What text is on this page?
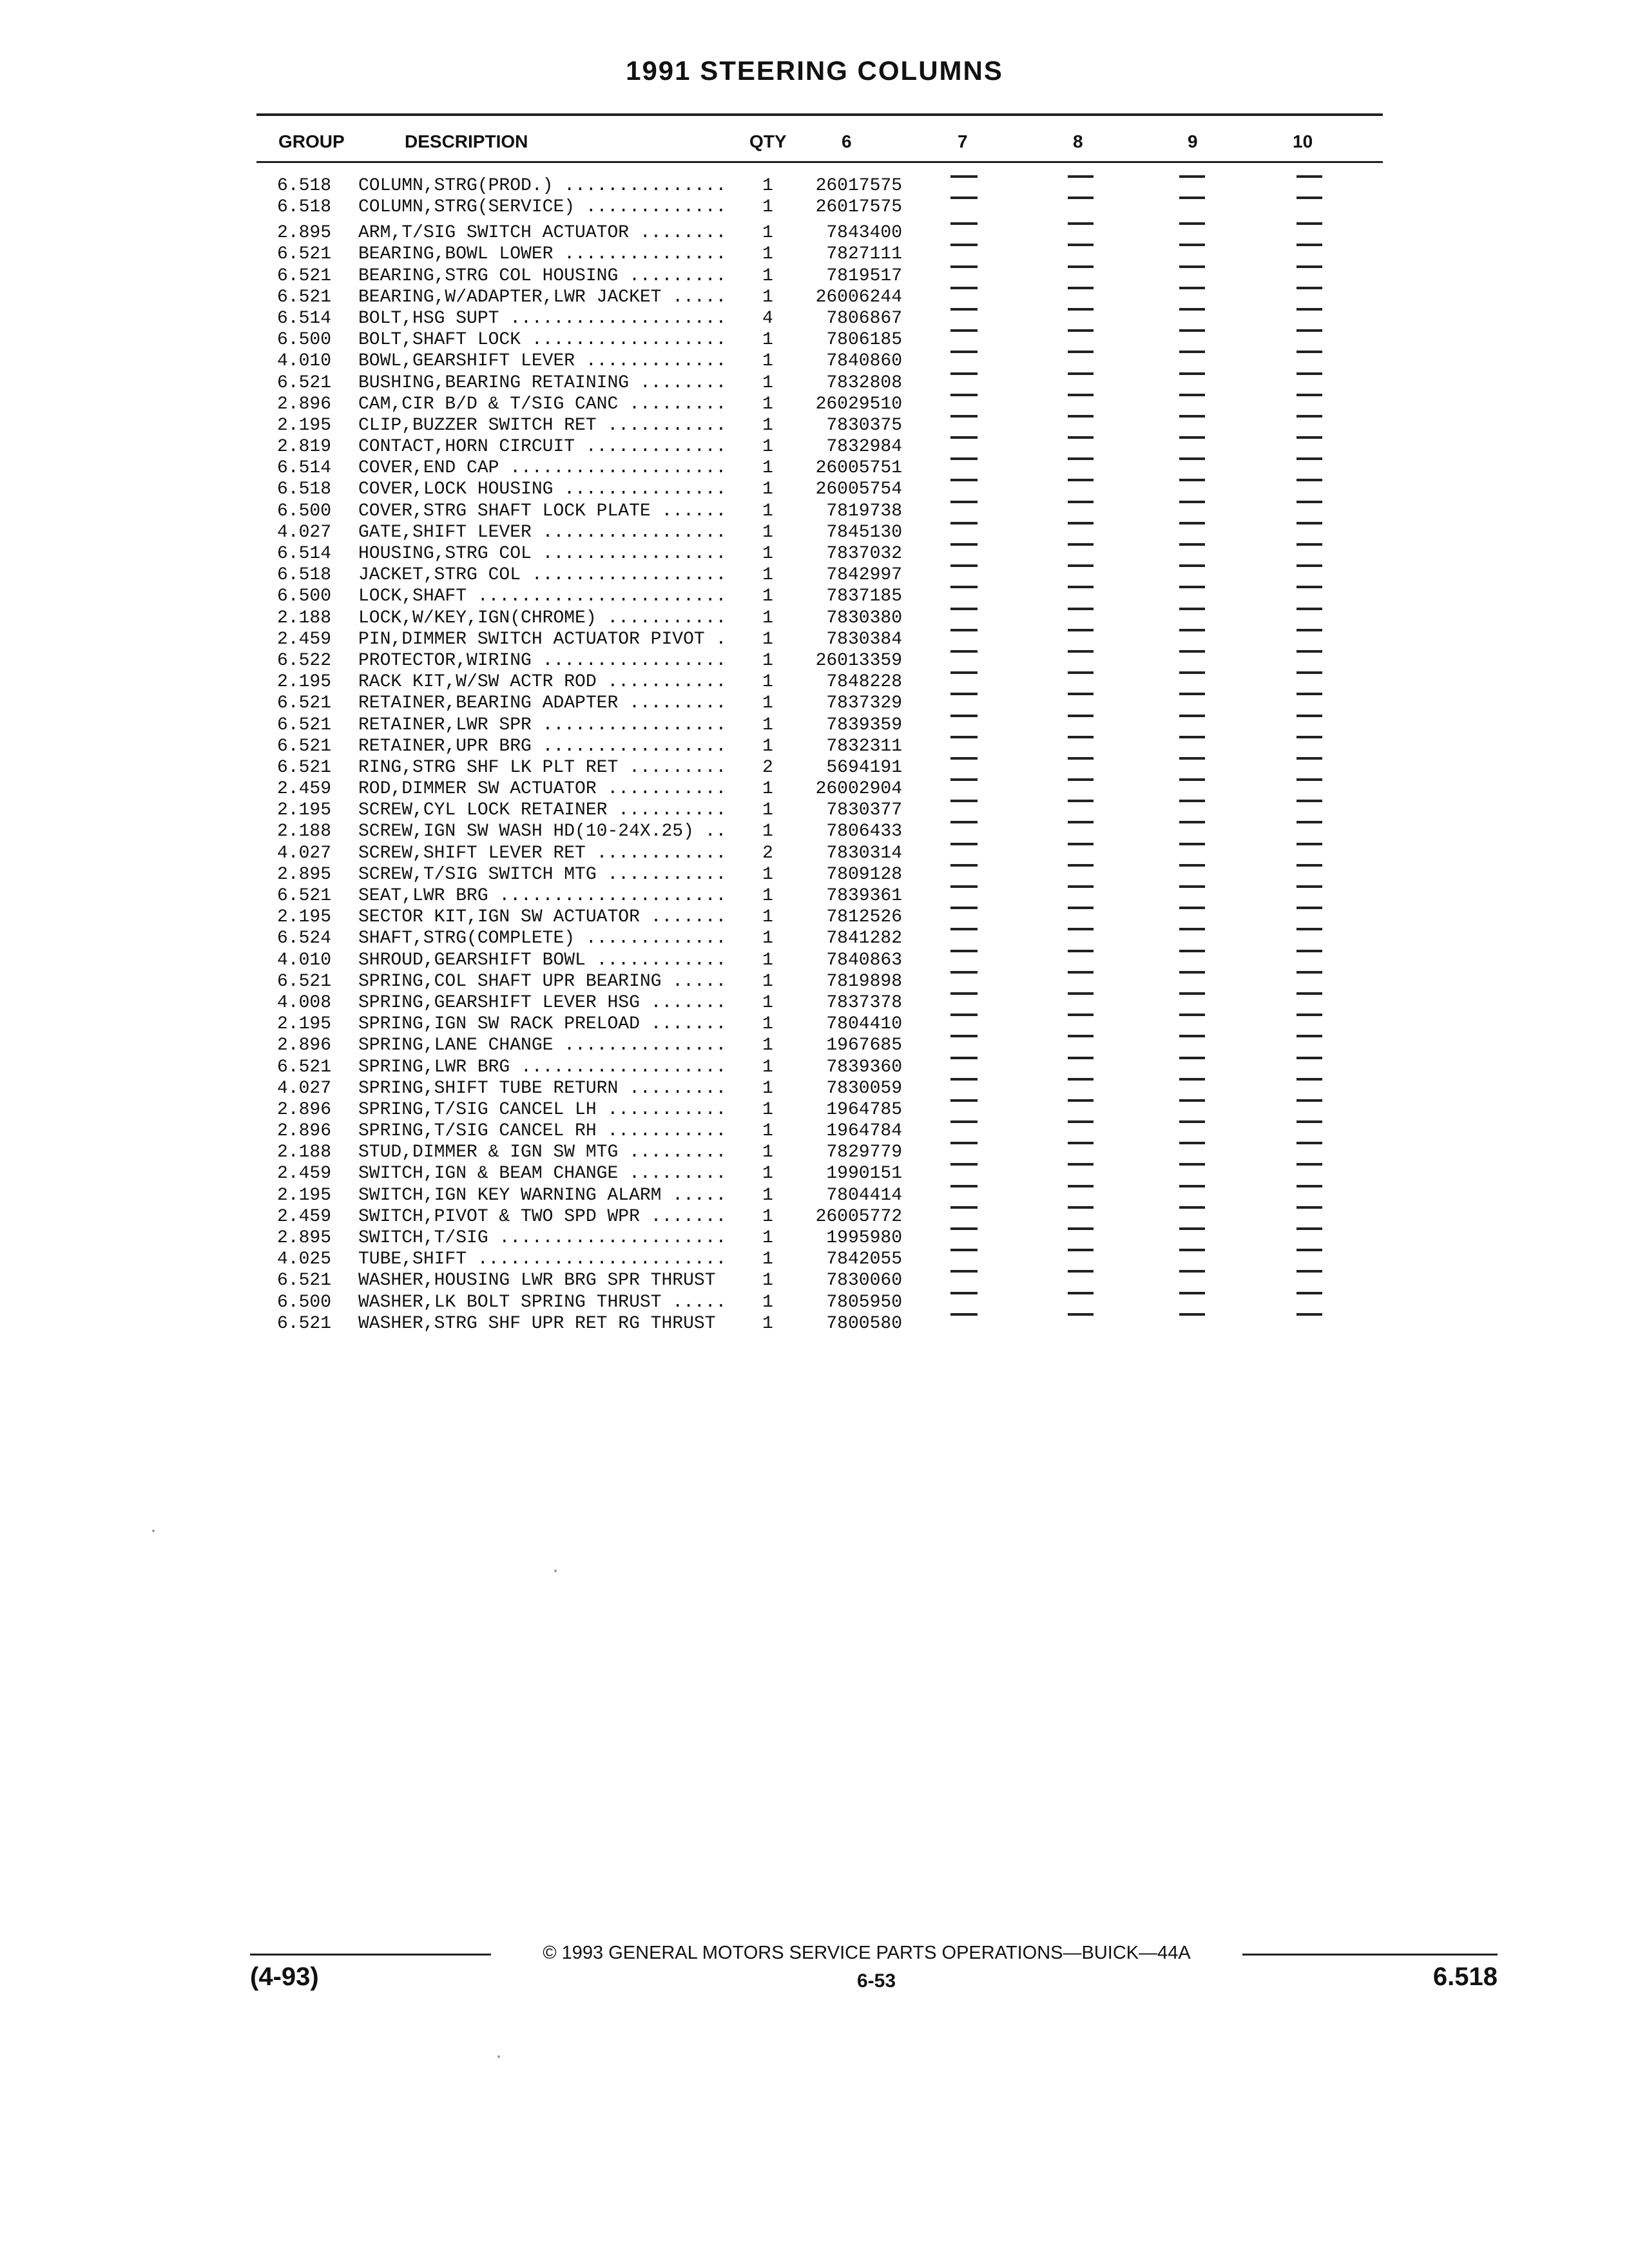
1991 STEERING COLUMNS
GROUP	DESCRIPTION	QTY	6	7	8	9	10
6.518 COLUMN,STRG(PROD.) ...............	1	26017575
6.518 COLUMN,STRG(SERVICE) .............	1	26017575
2.895 ARM,T/SIG SWITCH ACTUATOR ........	1	7843400
6.521 BEARING,BOWL LOWER ...............	1	7827111
6.521 BEARING,STRG COL HOUSING .........	1	7819517
6.521 BEARING,W/ADAPTER,LWR JACKET .....	1	26006244
6.514 BOLT,HSG SUPT ....................	4	7806867
6.500 BOLT,SHAFT LOCK ..................	1	7806185
4.010 BOWL,GEARSHIFT LEVER .............	1	7840860
6.521 BUSHING,BEARING RETAINING ........	1	7832808
2.896 CAM,CIR B/D & T/SIG CANC .........	1	26029510
2.195 CLIP,BUZZER SWITCH RET ...........	1	7830375
2.819 CONTACT,HORN CIRCUIT .............	1	7832984
6.514 COVER,END CAP ....................	1	26005751
6.518 COVER,LOCK HOUSING ...............	1	26005754
6.500 COVER,STRG SHAFT LOCK PLATE ......	1	7819738
4.027 GATE,SHIFT LEVER .................	1	7845130
6.514 HOUSING,STRG COL .................	1	7837032
6.518 JACKET,STRG COL ..................	1	7842997
6.500 LOCK,SHAFT .......................	1	7837185
2.188 LOCK,W/KEY,IGN(CHROME) ...........	1	7830380
2.459 PIN,DIMMER SWITCH ACTUATOR PIVOT .	1	7830384
6.522 PROTECTOR,WIRING .................	1	26013359
2.195 RACK KIT,W/SW ACTR ROD ...........	1	7848228
6.521 RETAINER,BEARING ADAPTER .........	1	7837329
6.521 RETAINER,LWR SPR .................	1	7839359
6.521 RETAINER,UPR BRG .................	1	7832311
6.521 RING,STRG SHF LK PLT RET .........	2	5694191
2.459 ROD,DIMMER SW ACTUATOR ...........	1	26002904
2.195 SCREW,CYL LOCK RETAINER ..........	1	7830377
2.188 SCREW,IGN SW WASH HD(10-24X.25) ..	1	7806433
4.027 SCREW,SHIFT LEVER RET ............	2	7830314
2.895 SCREW,T/SIG SWITCH MTG ...........	1	7809128
6.521 SEAT,LWR BRG .....................	1	7839361
2.195 SECTOR KIT,IGN SW ACTUATOR .......	1	7812526
6.524 SHAFT,STRG(COMPLETE) .............	1	7841282
4.010 SHROUD,GEARSHIFT BOWL ............	1	7840863
6.521 SPRING,COL SHAFT UPR BEARING .....	1	7819898
4.008 SPRING,GEARSHIFT LEVER HSG .......	1	7837378
2.195 SPRING,IGN SW RACK PRELOAD .......	1	7804410
2.896 SPRING,LANE CHANGE ...............	1	1967685
6.521 SPRING,LWR BRG ...................	1	7839360
4.027 SPRING,SHIFT TUBE RETURN .........	1	7830059
2.896 SPRING,T/SIG CANCEL LH ...........	1	1964785
2.896 SPRING,T/SIG CANCEL RH ...........	1	1964784
2.188 STUD,DIMMER & IGN SW MTG .........	1	7829779
2.459 SWITCH,IGN & BEAM CHANGE .........	1	1990151
2.195 SWITCH,IGN KEY WARNING ALARM .....	1	7804414
2.459 SWITCH,PIVOT & TWO SPD WPR .......	1	26005772
2.895 SWITCH,T/SIG .....................	1	1995980
4.025 TUBE,SHIFT .......................	1	7842055
6.521 WASHER,HOUSING LWR BRG SPR THRUST	1	7830060
6.500 WASHER,LK BOLT SPRING THRUST .....	1	7805950
6.521 WASHER,STRG SHF UPR RET RG THRUST	1	7800580
© 1993 GENERAL MOTORS SERVICE PARTS OPERATIONS—BUICK—44A
6-53
(4-93)	6.518
